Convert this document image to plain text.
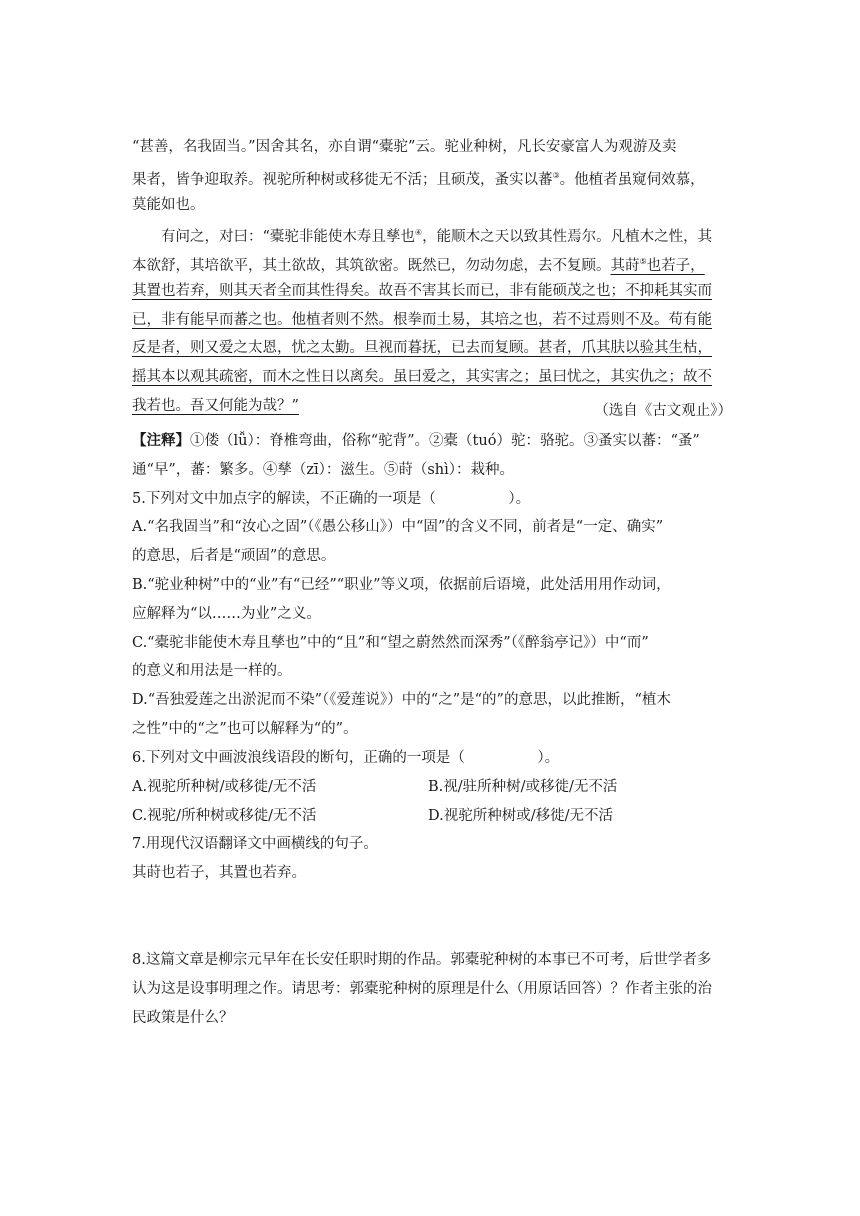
“甚善，名我固当。”因舍其名，亦自谓“橐驼”云。驼业种树，凡长安豪富人为观游及卖
果者，皆争迎取养。视驼所种树或移徙无不活；且硕茂，蚤实以蕃③。他植者虽窥伺效慕，
莫能如也。
有问之，对曰：“橐驼非能使木寿且孳也④，能顺木之天以致其性焉尔。凡植木之性，其
本欲舒，其培欲平，其土欲故，其筑欲密。既然已，勿动勿虑，去不复顾。其莳⑤也若子，
其置也若弃，则其天者全而其性得矣。故吾不害其长而已，非有能硕茂之也；不抑耗其实而
已，非有能早而蕃之也。他植者则不然。根拳而土易，其培之也，若不过焉则不及。苟有能
反是者，则又爱之太恩，忧之太勤。旦视而暮抚，已去而复顾。甚者，爪其肤以验其生枯，
摇其本以观其疏密，而木之性日以离矣。虽曰爱之，其实害之；虽曰忧之，其实仇之；故不
我若也。吾又何能为哉？”	（选自《古文观止》）
【注释】①偻（lǚ）：脊椎弯曲，俗称“驼背”。②橐（tuó）驼：骆驼。③蚤实以蕃：“蚤”
通“早”，蕃：繁多。④孳（zī）：滋生。⑤莳（shì）：栽种。
5.下列对文中加点字的解读，不正确的一项是（　　　　　）。
A.“名我固当”和“汝心之固”（《愚公移山》）中“固”的含义不同，前者是“一定、确实”
的意思，后者是“顽固”的意思。
B.“驼业种树”中的“业”有“已经”“职业”等义项，依据前后语境，此处活用用作动词，
应解释为“以……为业”之义。
C.“橐驼非能使木寿且孳也”中的“且”和“望之蔚然然而深秀”（《醉翁亭记》）中“而”
的意义和用法是一样的。
D.“吾独爱莲之出淤泥而不染”（《爱莲说》）中的“之”是“的”的意思，以此推断，“植木
之性”中的“之”也可以解释为“的”。
6.下列对文中画波浪线语段的断句，正确的一项是（　　　　　）。
A.视驼所种树/或移徙/无不活	B.视/驻所种树/或移徙/无不活
C.视驼/所种树或移徙/无不活	D.视驼所种树或/移徙/无不活
7.用现代汉语翻译文中画横线的句子。
其莳也若子，其置也若弃。
8.这篇文章是柳宗元早年在长安任职时期的作品。郭橐驼种树的本事已不可考，后世学者多
认为这是设事明理之作。请思考：郭橐驼种树的原理是什么（用原话回答）？作者主张的治
民政策是什么？
